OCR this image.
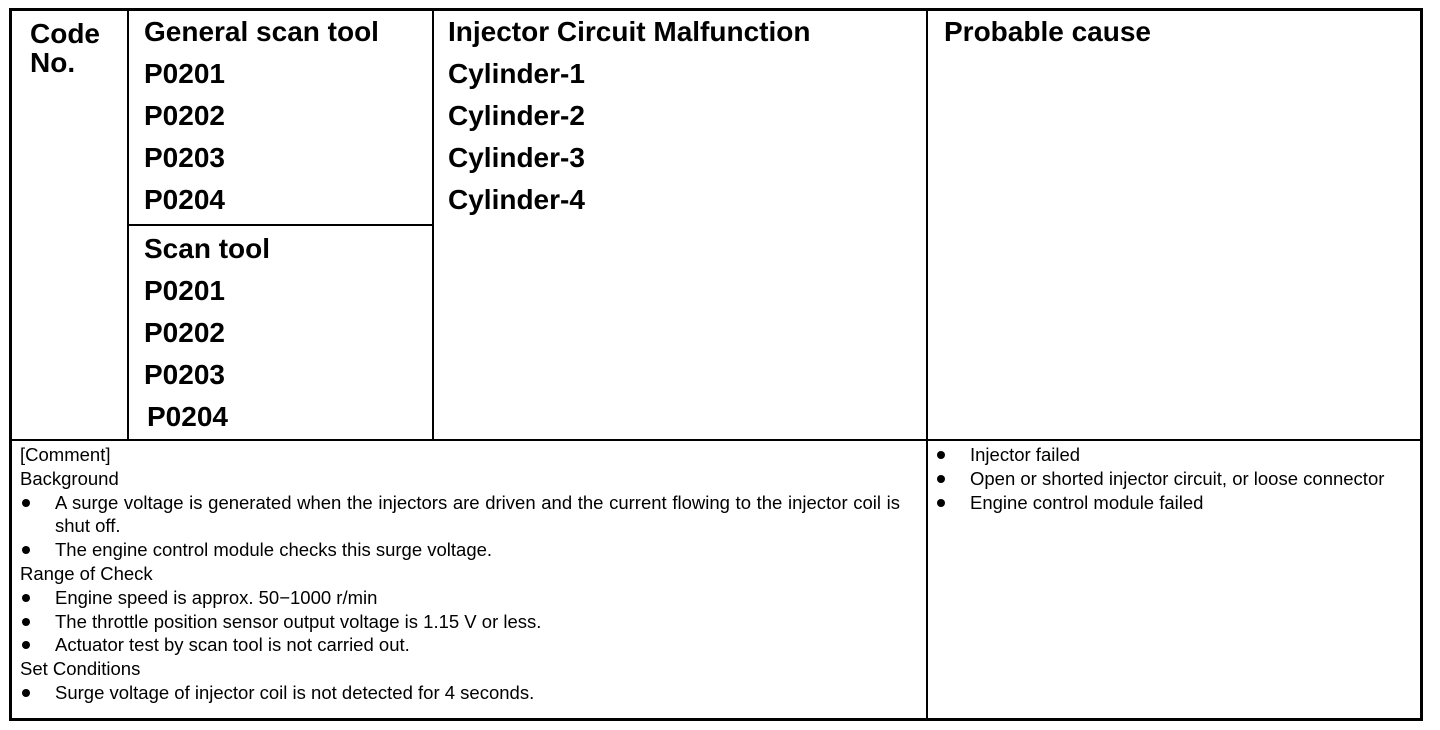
Code
No.
General scan tool
P0201
P0202
P0203
P0204
Scan tool
P0201
P0202
P0203
P0204
Injector Circuit Malfunction
Cylinder-1
Cylinder-2
Cylinder-3
Cylinder-4
Probable cause
[Comment]
Background
A surge voltage is generated when the injectors are driven and the current flowing to the injector coil is shut off.
The engine control module checks this surge voltage.
Range of Check
Engine speed is approx. 50−1000 r/min
The throttle position sensor output voltage is 1.15 V or less.
Actuator test by scan tool is not carried out.
Set Conditions
Surge voltage of injector coil is not detected for 4 seconds.
Injector failed
Open or shorted injector circuit, or loose connector
Engine control module failed
